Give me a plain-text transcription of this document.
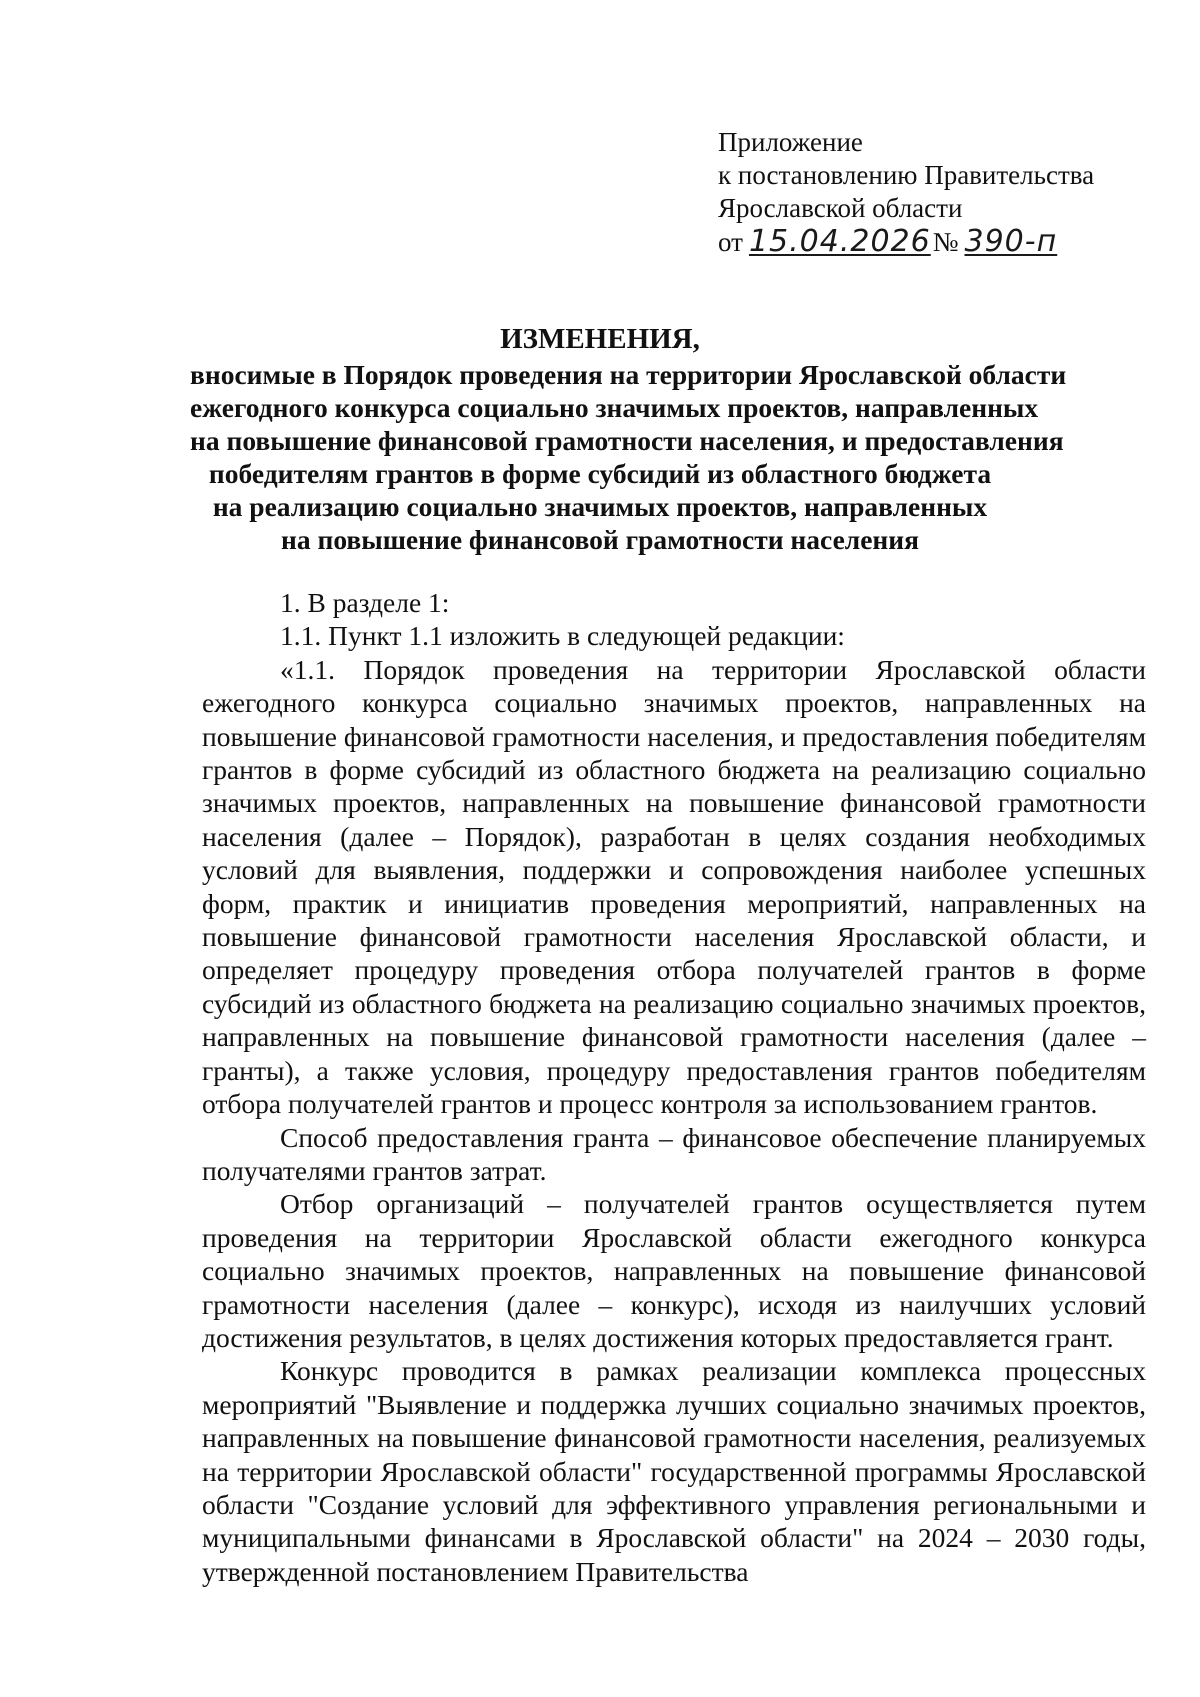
Приложение
к постановлению Правительства
Ярославской области
от 15.04.2026№ 390-п
ИЗМЕНЕНИЯ,
вносимые в Порядок проведения на территории Ярославской области
ежегодного конкурса социально значимых проектов, направленных
на повышение финансовой грамотности населения, и предоставления
победителям грантов в форме субсидий из областного бюджета
на реализацию социально значимых проектов, направленных
на повышение финансовой грамотности населения

1. В разделе 1:

1.1. Пункт 1.1 изложить в следующей редакции:

«1.1. Порядок проведения на территории Ярославской области ежегодного конкурса социально значимых проектов, направленных на повышение финансовой грамотности населения, и предоставления победителям грантов в форме субсидий из областного бюджета на реализацию социально значимых проектов, направленных на повышение финансовой грамотности населения (далее – Порядок), разработан в целях создания необходимых условий для выявления, поддержки и сопровождения наиболее успешных форм, практик и инициатив проведения мероприятий, направленных на повышение финансовой грамотности населения Ярославской области, и определяет процедуру проведения отбора получателей грантов в форме субсидий из областного бюджета на реализацию социально значимых проектов, направленных на повышение финансовой грамотности населения (далее – гранты), а также условия, процедуру предоставления грантов победителям отбора получателей грантов и процесс контроля за использованием грантов.

Способ предоставления гранта – финансовое обеспечение планируемых получателями грантов затрат.

Отбор организаций – получателей грантов осуществляется путем проведения на территории Ярославской области ежегодного конкурса социально значимых проектов, направленных на повышение финансовой грамотности населения (далее – конкурс), исходя из наилучших условий достижения результатов, в целях достижения которых предоставляется грант.

Конкурс проводится в рамках реализации комплекса процессных мероприятий "Выявление и поддержка лучших социально значимых проектов, направленных на повышение финансовой грамотности населения, реализуемых на территории Ярославской области" государственной программы Ярославской области "Создание условий для эффективного управления региональными и муниципальными финансами в Ярославской области" на 2024 – 2030 годы, утвержденной постановлением Правительства
